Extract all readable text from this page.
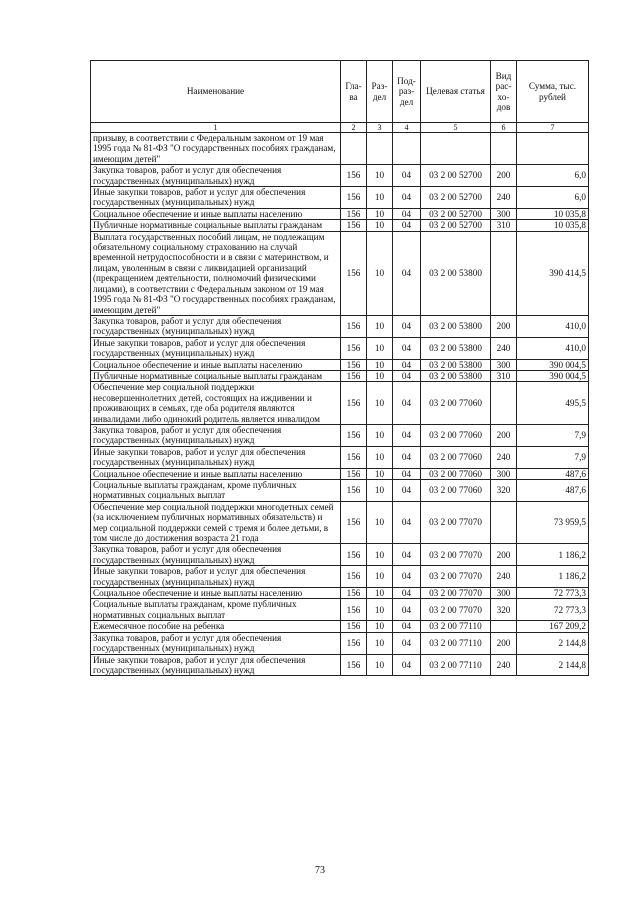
Наименование	Гла-ва	Раз-дел	Под-раз-дел	Целевая статья	Вид рас-хо-дов	Сумма, тыс. рублей
1	2	3	4	5	6	7
призыву, в соответствии с Федеральным законом от 19 мая 1995 года № 81-ФЗ "О государственных пособиях гражданам, имеющим детей"						
Закупка товаров, работ и услуг для обеспечения государственных (муниципальных) нужд	156	10	04	03 2 00 52700	200	6,0
Иные закупки товаров, работ и услуг для обеспечения государственных (муниципальных) нужд	156	10	04	03 2 00 52700	240	6,0
Социальное обеспечение и иные выплаты населению	156	10	04	03 2 00 52700	300	10 035,8
Публичные нормативные социальные выплаты гражданам	156	10	04	03 2 00 52700	310	10 035,8
Выплата государственных пособий лицам, не подлежащим обязательному социальному страхованию на случай временной нетрудоспособности и в связи с материнством, и лицам, уволенным в связи с ликвидацией организаций (прекращением деятельности, полномочий физическими лицами), в соответствии с Федеральным законом от 19 мая 1995 года № 81-ФЗ "О государственных пособиях гражданам, имеющим детей"	156	10	04	03 2 00 53800		390 414,5
Закупка товаров, работ и услуг для обеспечения государственных (муниципальных) нужд	156	10	04	03 2 00 53800	200	410,0
Иные закупки товаров, работ и услуг для обеспечения государственных (муниципальных) нужд	156	10	04	03 2 00 53800	240	410,0
Социальное обеспечение и иные выплаты населению	156	10	04	03 2 00 53800	300	390 004,5
Публичные нормативные социальные выплаты гражданам	156	10	04	03 2 00 53800	310	390 004,5
Обеспечение мер социальной поддержки несовершеннолетних детей, состоящих на иждивении и проживающих в семьях, где оба родителя являются инвалидами либо одинокий родитель является инвалидом	156	10	04	03 2 00 77060		495,5
Закупка товаров, работ и услуг для обеспечения государственных (муниципальных) нужд	156	10	04	03 2 00 77060	200	7,9
Иные закупки товаров, работ и услуг для обеспечения государственных (муниципальных) нужд	156	10	04	03 2 00 77060	240	7,9
Социальное обеспечение и иные выплаты населению	156	10	04	03 2 00 77060	300	487,6
Социальные выплаты гражданам, кроме публичных нормативных социальных выплат	156	10	04	03 2 00 77060	320	487,6
Обеспечение мер социальной поддержки многодетных семей (за исключением публичных нормативных обязательств) и мер социальной поддержки семей с тремя и более детьми, в том числе до достижения возраста 21 года	156	10	04	03 2 00 77070		73 959,5
Закупка товаров, работ и услуг для обеспечения государственных (муниципальных) нужд	156	10	04	03 2 00 77070	200	1 186,2
Иные закупки товаров, работ и услуг для обеспечения государственных (муниципальных) нужд	156	10	04	03 2 00 77070	240	1 186,2
Социальное обеспечение и иные выплаты населению	156	10	04	03 2 00 77070	300	72 773,3
Социальные выплаты гражданам, кроме публичных нормативных социальных выплат	156	10	04	03 2 00 77070	320	72 773,3
Ежемесячное пособие на ребенка	156	10	04	03 2 00 77110		167 209,2
Закупка товаров, работ и услуг для обеспечения государственных (муниципальных) нужд	156	10	04	03 2 00 77110	200	2 144,8
Иные закупки товаров, работ и услуг для обеспечения государственных (муниципальных) нужд	156	10	04	03 2 00 77110	240	2 144,8
73
